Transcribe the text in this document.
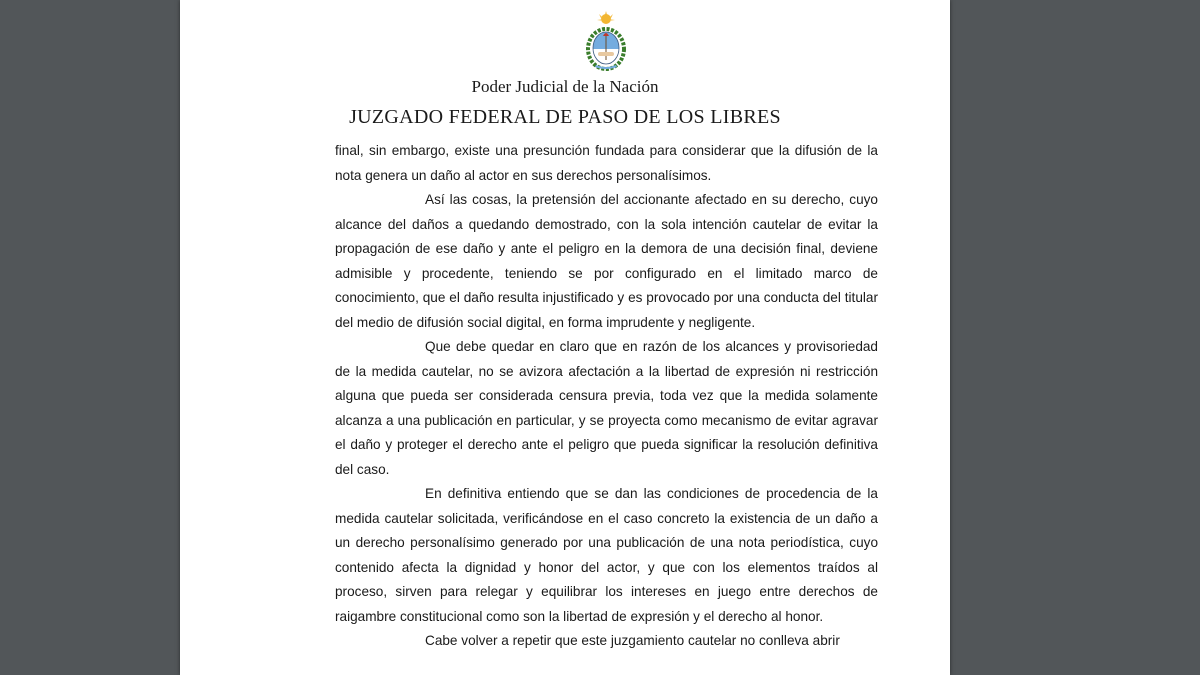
Poder Judicial de la Nación
JUZGADO FEDERAL DE PASO DE LOS LIBRES

final, sin embargo, existe una presunción fundada para considerar que la difusión de la nota genera un daño al actor en sus derechos personalísimos.

Así las cosas, la pretensión del accionante afectado en su derecho, cuyo alcance del daños a quedando demostrado, con la sola intención cautelar de evitar la propagación de ese daño y ante el peligro en la demora de una decisión final, deviene admisible y procedente, teniendo se por configurado en el limitado marco de conocimiento, que el daño resulta injustificado y es provocado por una conducta del titular del medio de difusión social digital, en forma imprudente y negligente.

Que debe quedar en claro que en razón de los alcances y provisoriedad de la medida cautelar, no se avizora afectación a la libertad de expresión ni restricción alguna que pueda ser considerada censura previa, toda vez que la medida solamente alcanza a una publicación en particular, y se proyecta como mecanismo de evitar agravar el daño y proteger el derecho ante el peligro que pueda significar la resolución definitiva del caso.

En definitiva entiendo que se dan las condiciones de procedencia de la medida cautelar solicitada, verificándose en el caso concreto la existencia de un daño a un derecho personalísimo generado por una publicación de una nota periodística, cuyo contenido afecta la dignidad y honor del actor, y que con los elementos traídos al proceso, sirven para relegar y equilibrar los intereses en juego entre derechos de raigambre constitucional como son la libertad de expresión y el derecho al honor.

Cabe volver a repetir que este juzgamiento cautelar no conlleva abrir
